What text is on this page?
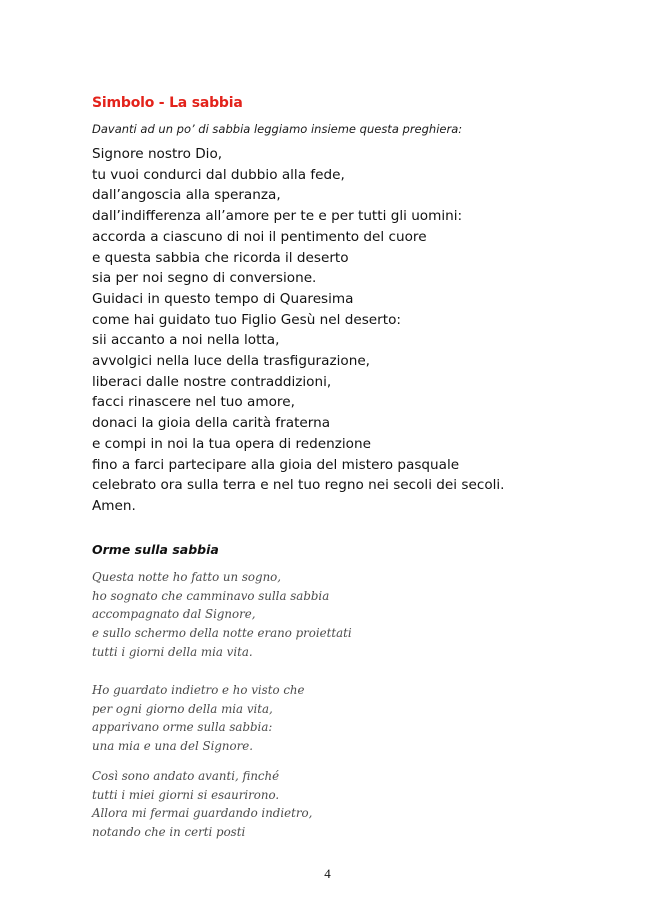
Simbolo - La sabbia
Davanti ad un po’ di sabbia leggiamo insieme questa preghiera:
Signore nostro Dio,
tu vuoi condurci dal dubbio alla fede,
dall’angoscia alla speranza,
dall’indifferenza all’amore per te e per tutti gli uomini:
accorda a ciascuno di noi il pentimento del cuore
e questa sabbia che ricorda il deserto
sia per noi segno di conversione.
Guidaci in questo tempo di Quaresima
come hai guidato tuo Figlio Gesù nel deserto:
sii accanto a noi nella lotta,
avvolgici nella luce della trasfigurazione,
liberaci dalle nostre contraddizioni,
facci rinascere nel tuo amore,
donaci la gioia della carità fraterna
e compi in noi la tua opera di redenzione
fino a farci partecipare alla gioia del mistero pasquale
celebrato ora sulla terra e nel tuo regno nei secoli dei secoli.
Amen.
Orme sulla sabbia
Questa notte ho fatto un sogno,
ho sognato che camminavo sulla sabbia
accompagnato dal Signore,
e sullo schermo della notte erano proiettati
tutti i giorni della mia vita.
Ho guardato indietro e ho visto che
per ogni giorno della mia vita,
apparivano orme sulla sabbia:
una mia e una del Signore.
Così sono andato avanti, finché
tutti i miei giorni si esaurirono.
Allora mi fermai guardando indietro,
notando che in certi posti
4
